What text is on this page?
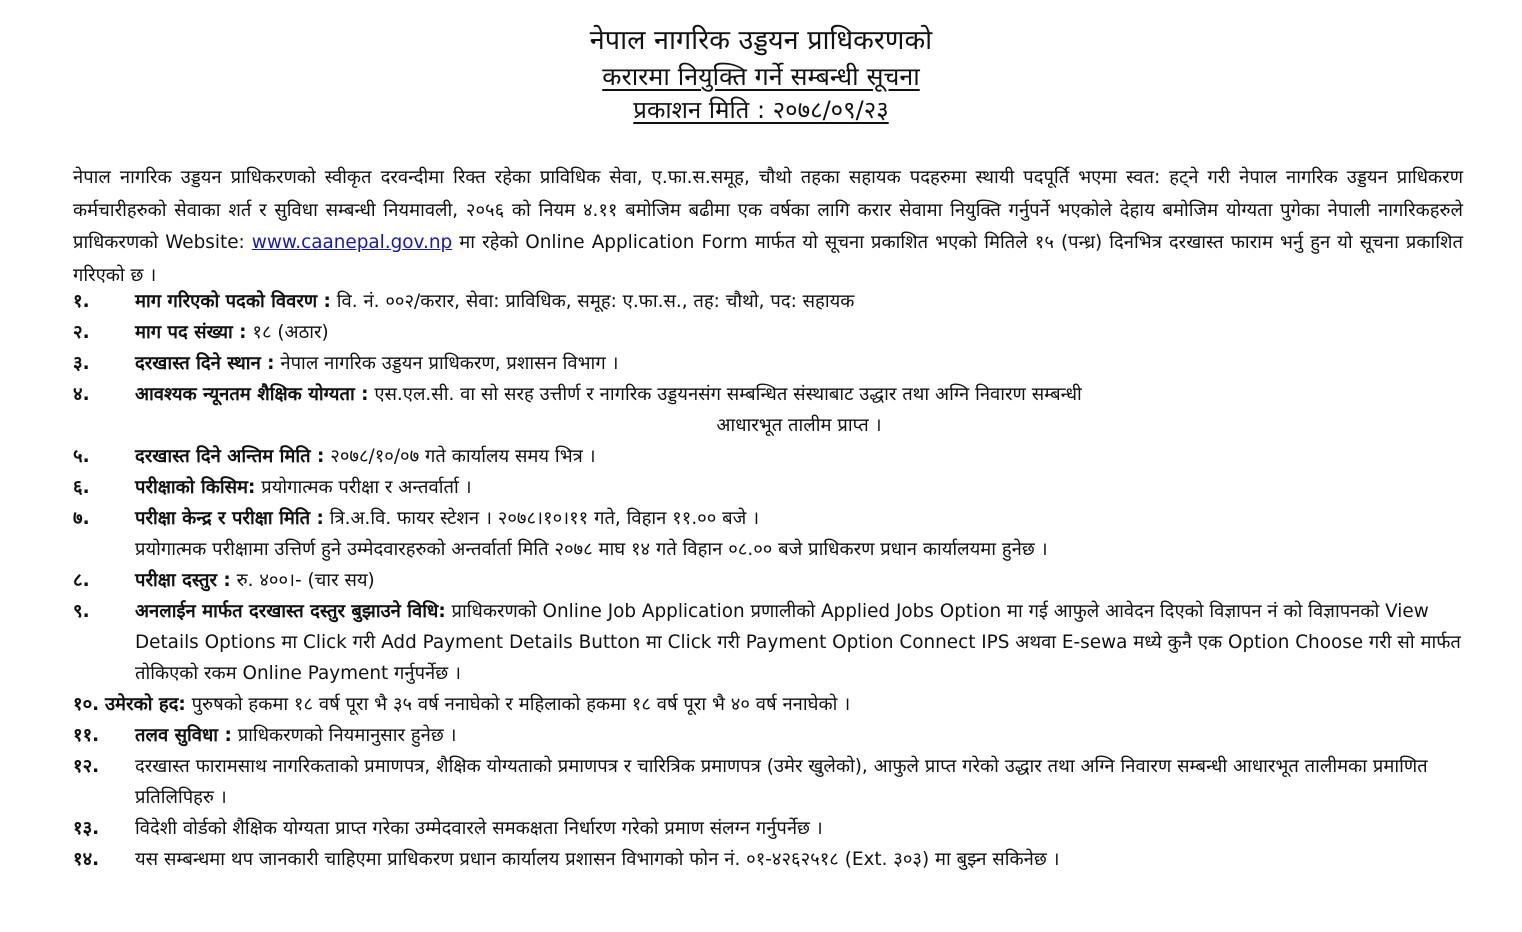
नेपाल नागरिक उड्डयन प्राधिकरणको
करारमा नियुक्ति गर्ने सम्बन्धी सूचना
प्रकाशन मिति : २०७८/०९/२३
नेपाल नागरिक उड्डयन प्राधिकरणको स्वीकृत दरवन्दीमा रिक्त रहेका प्राविधिक सेवा, ए.फा.स.समूह, चौथो तहका सहायक पदहरुमा स्थायी पदपूर्ति भएमा स्वत: हट्ने गरी नेपाल नागरिक उड्डयन प्राधिकरण कर्मचारीहरुको सेवाका शर्त र सुविधा सम्बन्धी नियमावली, २०५६ को नियम ४.११ बमोजिम बढीमा एक वर्षका लागि करार सेवामा नियुक्ति गर्नुपर्ने भएकोले देहाय बमोजिम योग्यता पुगेका नेपाली नागरिकहरुले प्राधिकरणको Website: www.caanepal.gov.np मा रहेको Online Application Form मार्फत यो सूचना प्रकाशित भएको मितिले १५ (पन्ध्र) दिनभित्र दरखास्त फाराम भर्नु हुन यो सूचना प्रकाशित गरिएको छ ।
१. माग गरिएको पदको विवरण : वि. नं. ००२/करार, सेवा: प्राविधिक, समूह: ए.फा.स., तह: चौथो, पद: सहायक
२. माग पद संख्या : १८ (अठार)
३. दरखास्त दिने स्थान : नेपाल नागरिक उड्डयन प्राधिकरण, प्रशासन विभाग ।
४. आवश्यक न्यूनतम शैक्षिक योग्यता : एस.एल.सी. वा सो सरह उत्तीर्ण र नागरिक उड्डयनसंग सम्बन्धित संस्थाबाट उद्धार तथा अग्नि निवारण सम्बन्धी
आधारभूत तालीम प्राप्त ।
५. दरखास्त दिने अन्तिम मिति : २०७८/१०/०७ गते कार्यालय समय भित्र ।
६. परीक्षाको किसिम: प्रयोगात्मक परीक्षा र अन्तर्वार्ता ।
७. परीक्षा केन्द्र र परीक्षा मिति : त्रि.अ.वि. फायर स्टेशन । २०७८।१०।११ गते, विहान ११.०० बजे ।
प्रयोगात्मक परीक्षामा उत्तिर्ण हुने उम्मेदवारहरुको अन्तर्वार्ता मिति २०७८ माघ १४ गते विहान ०८.०० बजे प्राधिकरण प्रधान कार्यालयमा हुनेछ ।
८. परीक्षा दस्तुर : रु. ४००।- (चार सय)
९. अनलाईन मार्फत दरखास्त दस्तुर बुझाउने विधि: प्राधिकरणको Online Job Application प्रणालीको Applied Jobs Option मा गई आफुले आवेदन दिएको विज्ञापन नं को विज्ञापनको View Details Options मा Click गरी Add Payment Details Button मा Click गरी Payment Option Connect IPS अथवा E-sewa मध्ये कुनै एक Option Choose गरी सो मार्फत तोकिएको रकम Online Payment गर्नुपर्नेछ ।
१०. उमेरको हद: पुरुषको हकमा १८ वर्ष पूरा भै ३५ वर्ष ननाघेको र महिलाको हकमा १८ वर्ष पूरा भै ४० वर्ष ननाघेको ।
११. तलव सुविधा : प्राधिकरणको नियमानुसार हुनेछ ।
१२. दरखास्त फारामसाथ नागरिकताको प्रमाणपत्र, शैक्षिक योग्यताको प्रमाणपत्र र चारित्रिक प्रमाणपत्र (उमेर खुलेको), आफुले प्राप्त गरेको उद्धार तथा अग्नि निवारण सम्बन्धी आधारभूत तालीमका प्रमाणित प्रतिलिपिहरु ।
१३. विदेशी वोर्डको शैक्षिक योग्यता प्राप्त गरेका उम्मेदवारले समकक्षता निर्धारण गरेको प्रमाण संलग्न गर्नुपर्नेछ ।
१४. यस सम्बन्धमा थप जानकारी चाहिएमा प्राधिकरण प्रधान कार्यालय प्रशासन विभागको फोन नं. ०१-४२६२५१८ (Ext. ३०३) मा बुझ्न सकिनेछ ।
